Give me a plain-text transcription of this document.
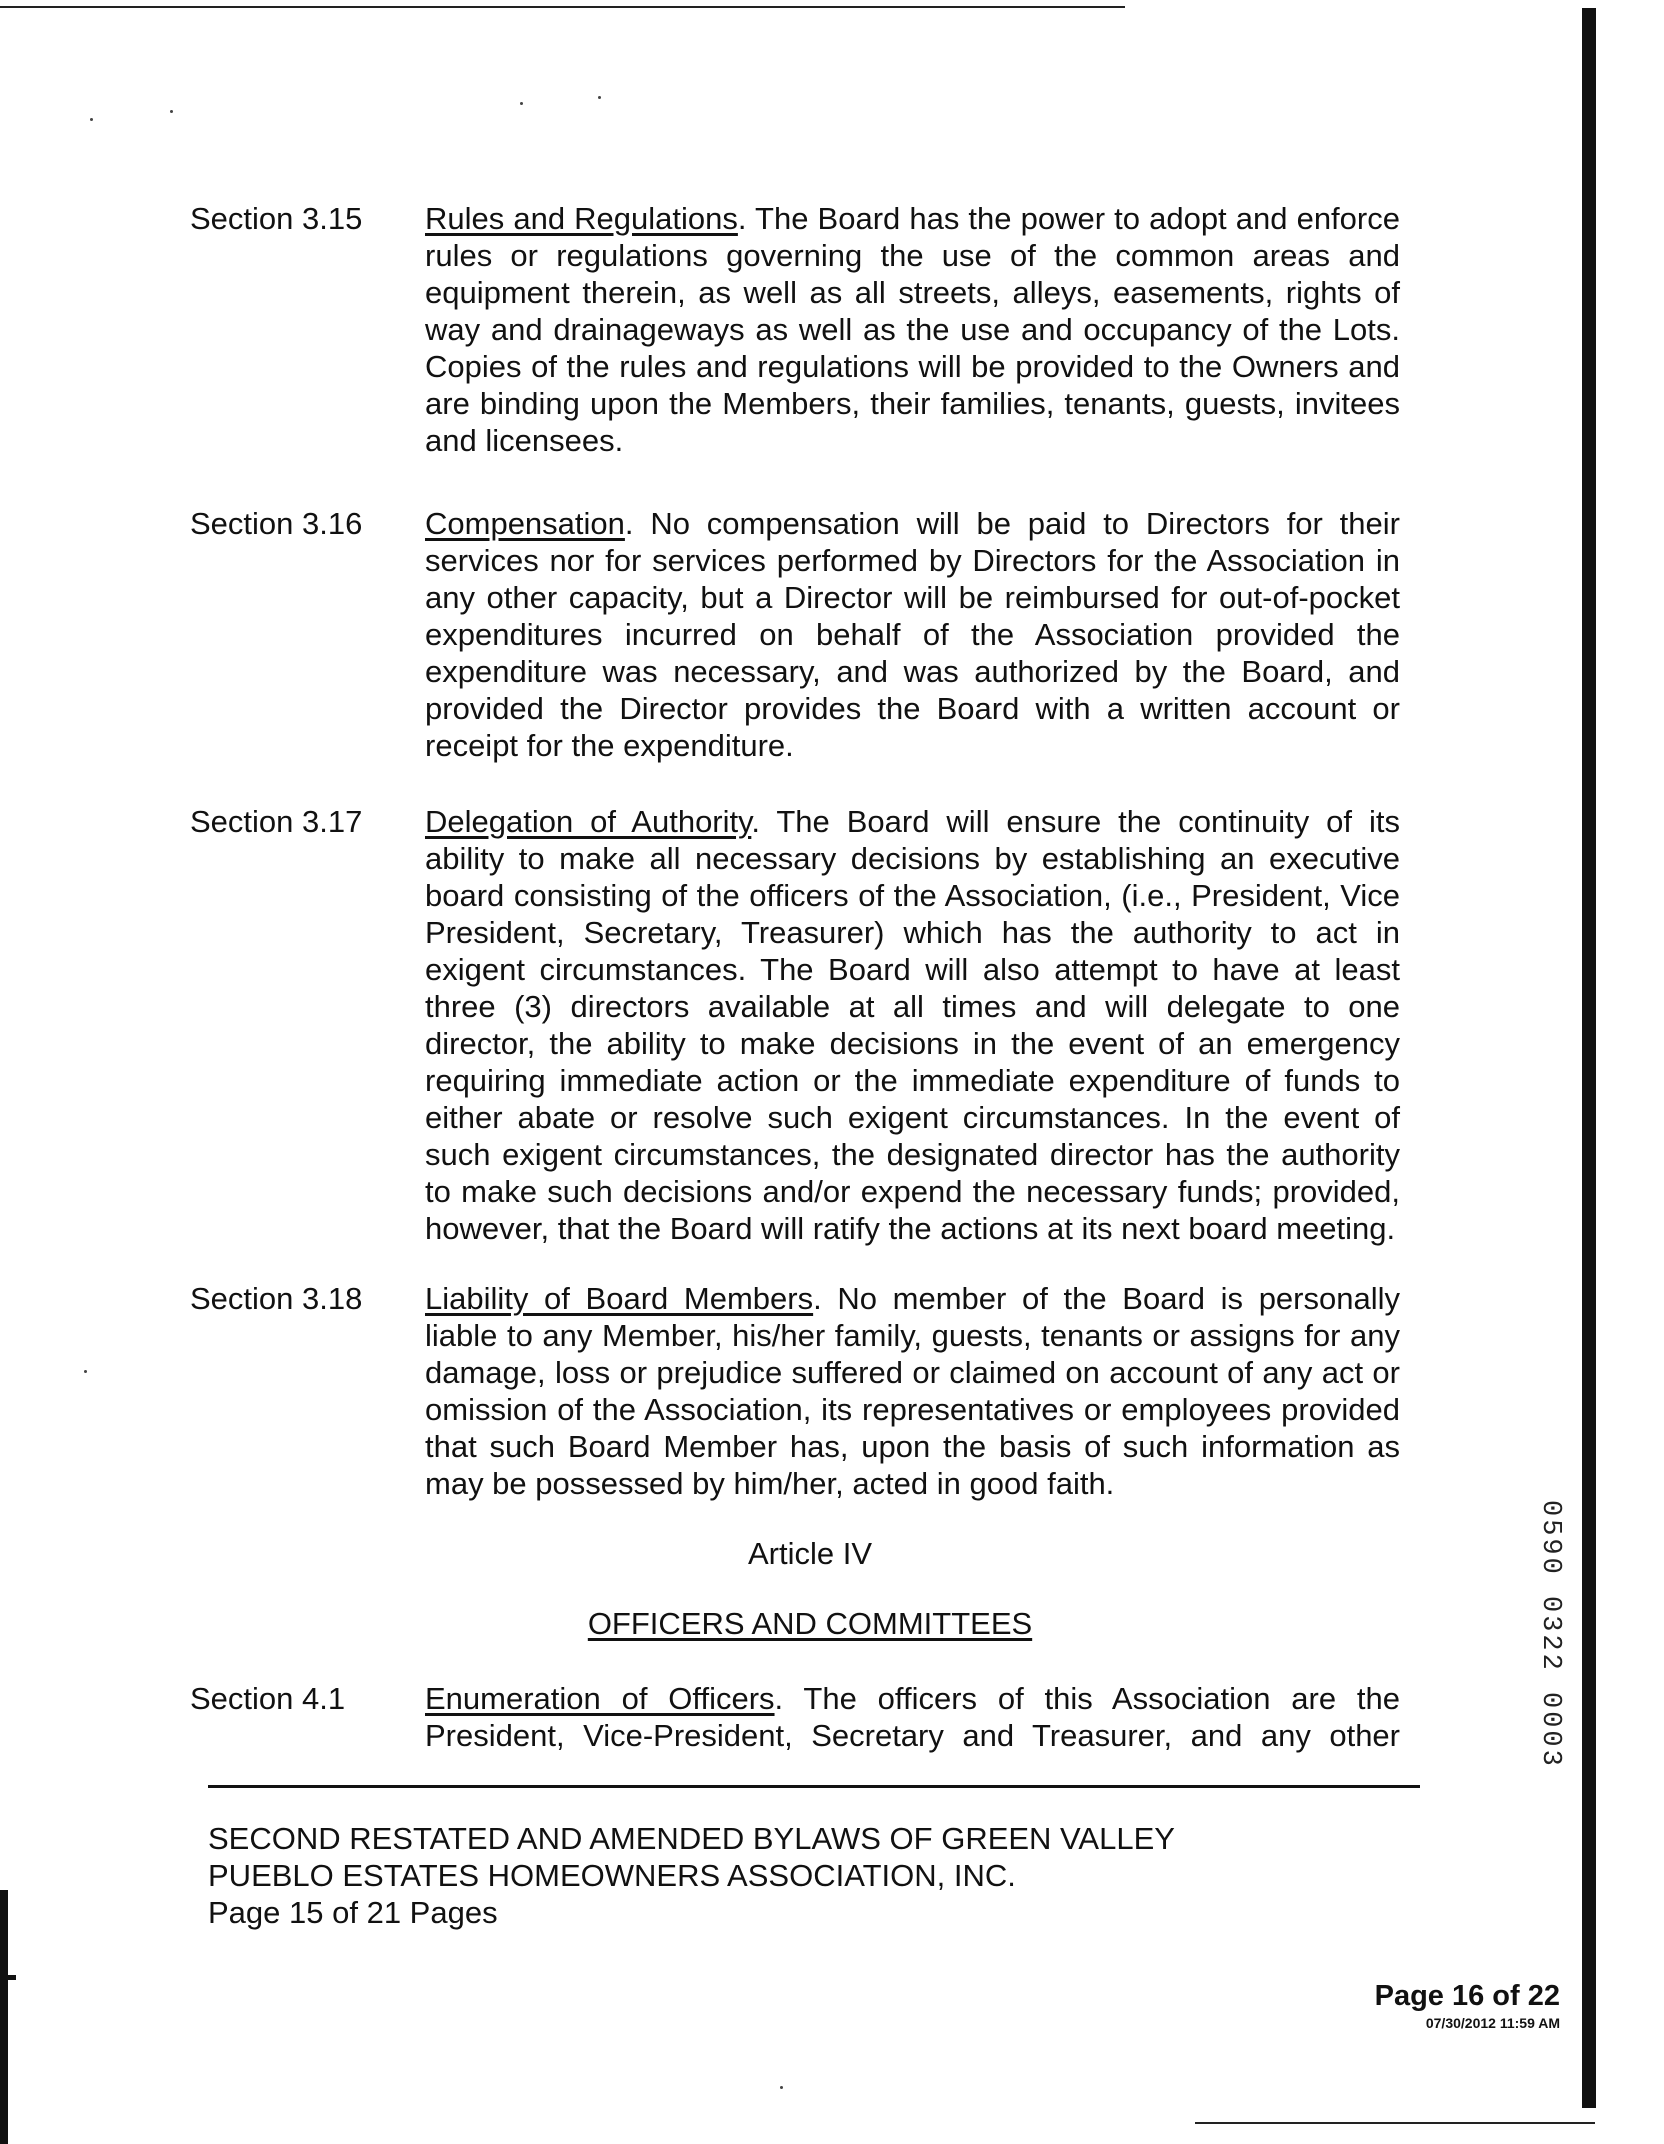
Section 3.15 Rules and Regulations. The Board has the power to adopt and enforce rules or regulations governing the use of the common areas and equipment therein, as well as all streets, alleys, easements, rights of way and drainageways as well as the use and occupancy of the Lots. Copies of the rules and regulations will be provided to the Owners and are binding upon the Members, their families, tenants, guests, invitees and licensees.
Section 3.16 Compensation. No compensation will be paid to Directors for their services nor for services performed by Directors for the Association in any other capacity, but a Director will be reimbursed for out-of-pocket expenditures incurred on behalf of the Association provided the expenditure was necessary, and was authorized by the Board, and provided the Director provides the Board with a written account or receipt for the expenditure.
Section 3.17 Delegation of Authority. The Board will ensure the continuity of its ability to make all necessary decisions by establishing an executive board consisting of the officers of the Association, (i.e., President, Vice President, Secretary, Treasurer) which has the authority to act in exigent circumstances. The Board will also attempt to have at least three (3) directors available at all times and will delegate to one director, the ability to make decisions in the event of an emergency requiring immediate action or the immediate expenditure of funds to either abate or resolve such exigent circumstances. In the event of such exigent circumstances, the designated director has the authority to make such decisions and/or expend the necessary funds; provided, however, that the Board will ratify the actions at its next board meeting.
Section 3.18 Liability of Board Members. No member of the Board is personally liable to any Member, his/her family, guests, tenants or assigns for any damage, loss or prejudice suffered or claimed on account of any act or omission of the Association, its representatives or employees provided that such Board Member has, upon the basis of such information as may be possessed by him/her, acted in good faith.
Article IV
OFFICERS AND COMMITTEES
Section 4.1	Enumeration of Officers. The officers of this Association are the President, Vice-President, Secretary and Treasurer, and any other
SECOND RESTATED AND AMENDED BYLAWS OF GREEN VALLEY
PUEBLO ESTATES HOMEOWNERS ASSOCIATION, INC.
Page 15 of 21 Pages
Page 16 of 22
07/30/2012 11:59 AM
0590 0322 0003
